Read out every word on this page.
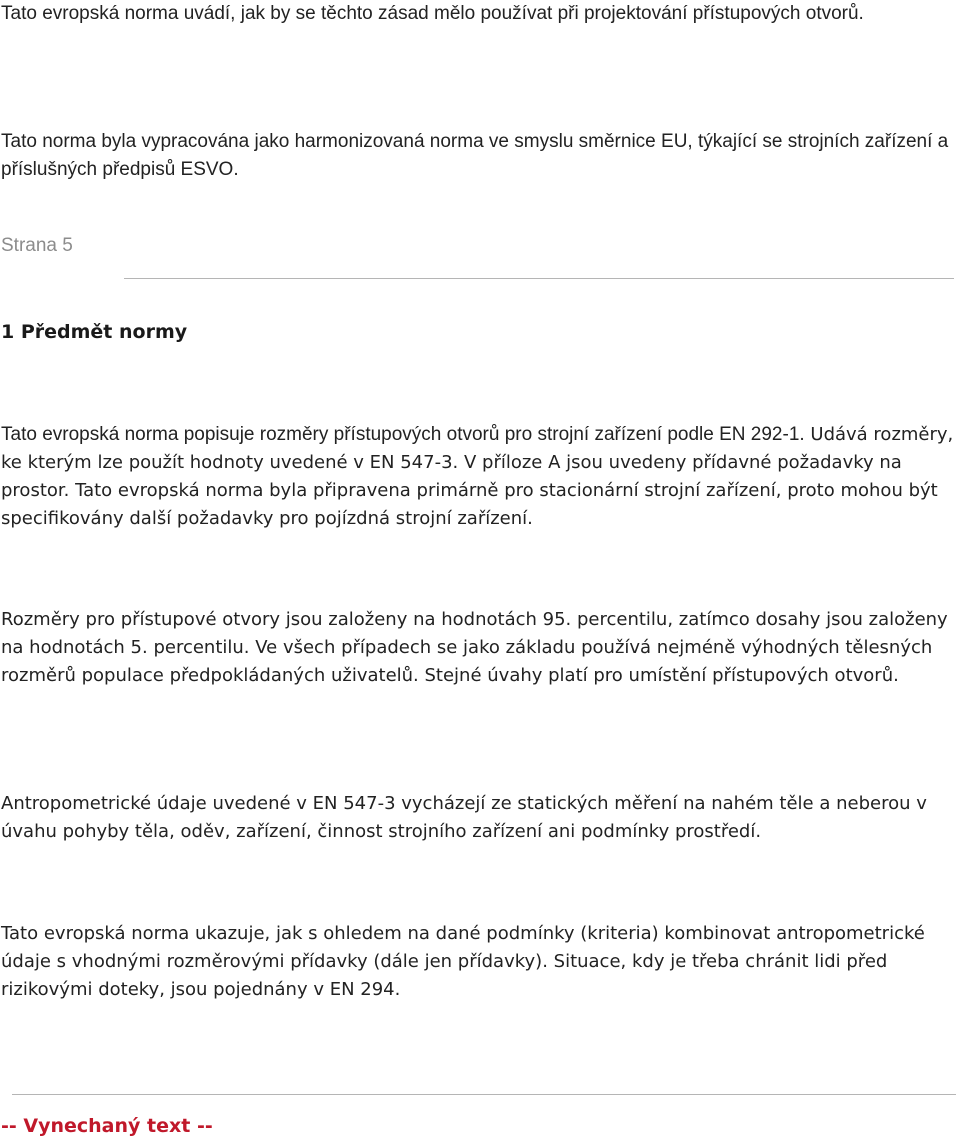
Tato evropská norma uvádí, jak by se těchto zásad mělo používat při projektování přístupových otvorů.

Tato norma byla vypracována jako harmonizovaná norma ve smyslu směrnice EU, týkající se strojních zařízení a příslušných předpisů ESVO.

Strana 5

1 Předmět normy

Tato evropská norma popisuje rozměry přístupových otvorů pro strojní zařízení podle EN 292-1. Udává rozměry, ke kterým lze použít hodnoty uvedené v EN 547-3. V příloze A jsou uvedeny přídavné požadavky na prostor. Tato evropská norma byla připravena primárně pro stacionární strojní zařízení, proto mohou být specifikovány další požadavky pro pojízdná strojní zařízení.

Rozměry pro přístupové otvory jsou založeny na hodnotách 95. percentilu, zatímco dosahy jsou založeny na hodnotách 5. percentilu. Ve všech případech se jako základu používá nejméně výhodných tělesných rozměrů populace předpokládaných uživatelů. Stejné úvahy platí pro umístění přístupových otvorů.

Antropometrické údaje uvedené v EN 547-3 vycházejí ze statických měření na nahém těle a neberou v úvahu pohyby těla, oděv, zařízení, činnost strojního zařízení ani podmínky prostředí.

Tato evropská norma ukazuje, jak s ohledem na dané podmínky (kriteria) kombinovat antropometrické údaje s vhodnými rozměrovými přídavky (dále jen přídavky). Situace, kdy je třeba chránit lidi před rizikovými doteky, jsou pojednány v EN 294.

-- Vynechaný text --
